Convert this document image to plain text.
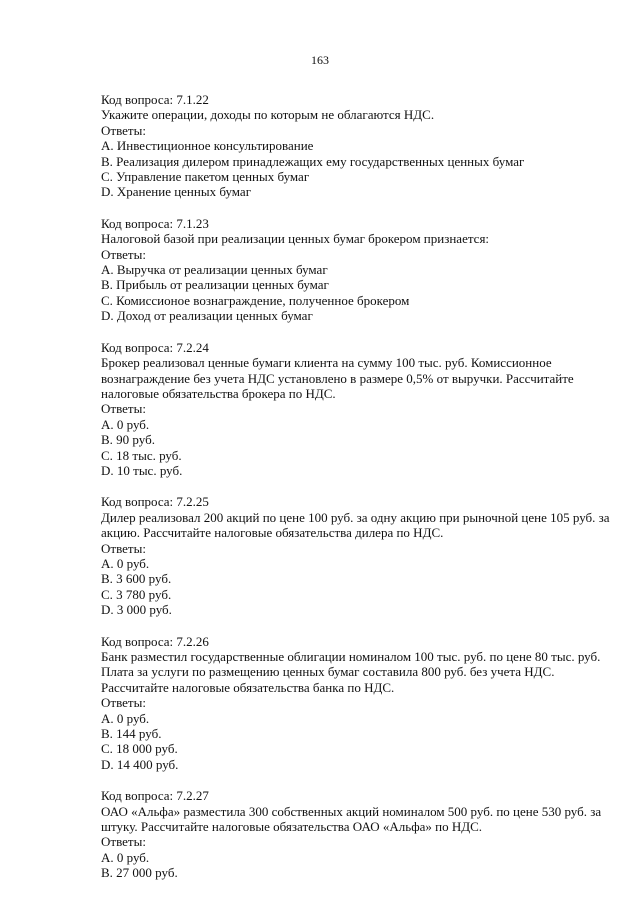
163
Код вопроса: 7.1.22
Укажите операции, доходы по которым не облагаются НДС.
Ответы:
A. Инвестиционное консультирование
B. Реализация дилером принадлежащих ему государственных ценных бумаг
C. Управление пакетом ценных бумаг
D. Хранение ценных бумаг
Код вопроса: 7.1.23
Налоговой базой при реализации ценных бумаг брокером признается:
Ответы:
A. Выручка от реализации ценных бумаг
B. Прибыль от реализации ценных бумаг
C. Комиссионое вознаграждение, полученное брокером
D. Доход от реализации ценных бумаг
Код вопроса: 7.2.24
Брокер реализовал ценные бумаги клиента на сумму 100 тыс. руб. Комиссионное вознаграждение без учета НДС установлено в размере 0,5% от выручки. Рассчитайте налоговые обязательства брокера по НДС.
Ответы:
A. 0 руб.
B. 90 руб.
C. 18 тыс. руб.
D. 10 тыс. руб.
Код вопроса: 7.2.25
Дилер реализовал 200 акций по цене 100 руб. за одну акцию при рыночной цене 105 руб. за акцию. Рассчитайте налоговые обязательства дилера по НДС.
Ответы:
A. 0 руб.
B. 3 600 руб.
C. 3 780 руб.
D. 3 000 руб.
Код вопроса: 7.2.26
Банк разместил государственные облигации номиналом 100 тыс. руб. по цене 80 тыс. руб. Плата за услуги по размещению ценных бумаг составила 800 руб. без учета НДС. Рассчитайте налоговые обязательства банка по НДС.
Ответы:
A. 0 руб.
B. 144 руб.
C. 18 000 руб.
D. 14 400 руб.
Код вопроса: 7.2.27
ОАО «Альфа» разместила 300 собственных акций номиналом 500 руб. по цене 530 руб. за штуку. Рассчитайте налоговые обязательства ОАО «Альфа» по НДС.
Ответы:
A. 0 руб.
B. 27 000 руб.
